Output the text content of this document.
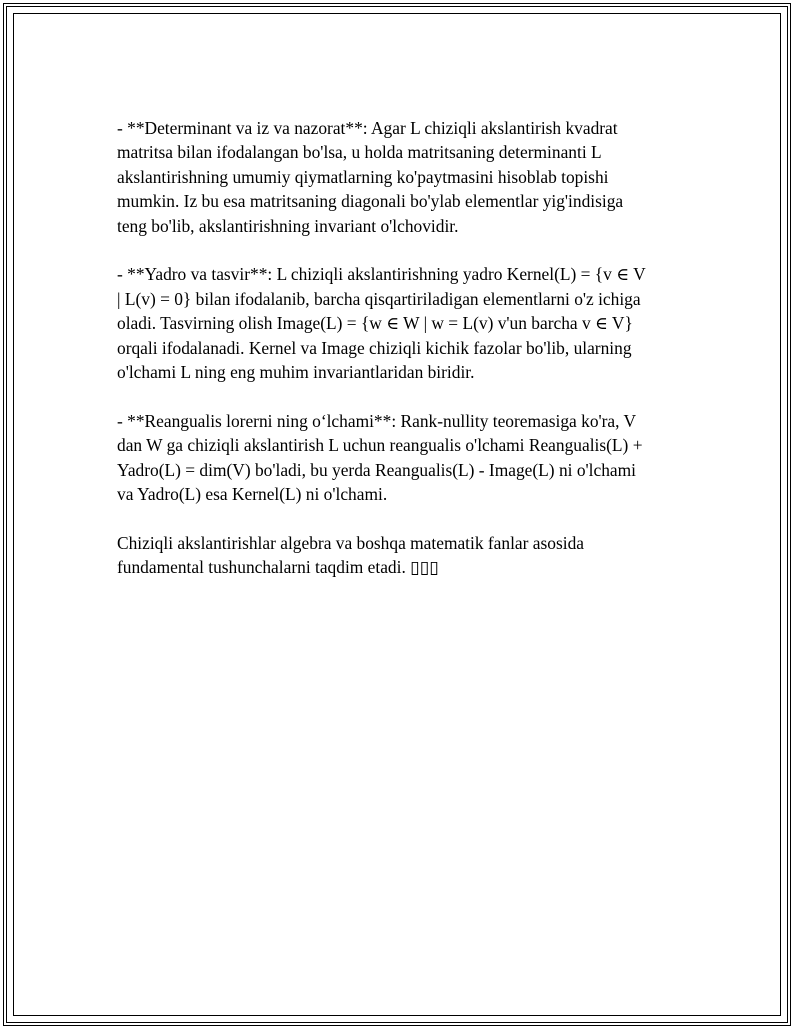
- **Determinant va iz va nazorat**: Agar L chiziqli akslantirish kvadrat
matritsa bilan ifodalangan bo'lsa, u holda matritsaning determinanti L
akslantirishning umumiy qiymatlarning ko'paytmasini hisoblab topishi
mumkin. Iz bu esa matritsaning diagonali bo'ylab elementlar yig'indisiga
teng bo'lib, akslantirishning invariant o'lchovidir.

- **Yadro va tasvir**: L chiziqli akslantirishning yadro Kernel(L) = {v ∈ V
| L(v) = 0} bilan ifodalanib, barcha qisqartiriladigan elementlarni o'z ichiga
oladi. Tasvirning olish Image(L) = {w ∈ W | w = L(v) v'un barcha v ∈ V}
orqali ifodalanadi. Kernel va Image chiziqli kichik fazolar bo'lib, ularning
o'lchami L ning eng muhim invariantlaridan biridir.

- **Reangualis lorerni ning o‘lchami**: Rank-nullity teoremasiga ko'ra, V
dan W ga chiziqli akslantirish L uchun reangualis o'lchami Reangualis(L) +
Yadro(L) = dim(V) bo'ladi, bu yerda Reangualis(L) - Image(L) ni o'lchami
va Yadro(L) esa Kernel(L) ni o'lchami.

Chiziqli akslantirishlar algebra va boshqa matematik fanlar asosida
fundamental tushunchalarni taqdim etadi. ▯▯▯
